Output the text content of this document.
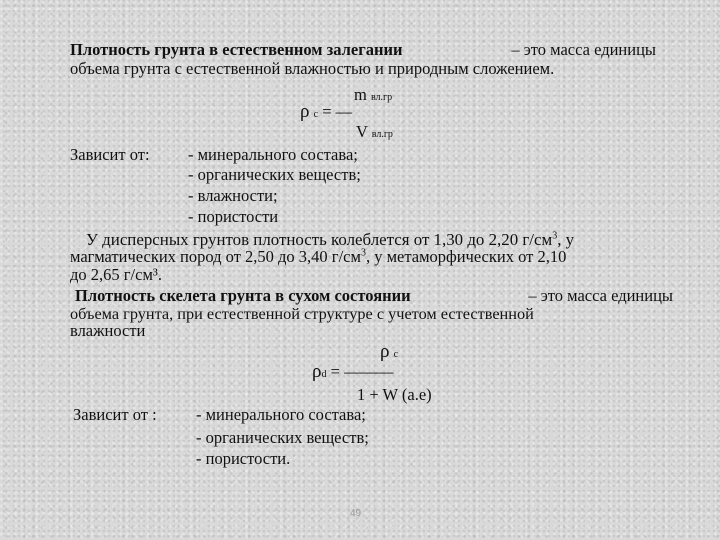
Плотность грунта в естественном залегании	– это масса единицы
объема грунта с естественной влажностью и природным сложением.
m вл.гр
ρ с = —
V вл.гр
Зависит от: - минерального состава;
- органических веществ;
- влажности;
- пористости
У дисперсных грунтов плотность колеблется от 1,30 до 2,20 $г/см^3$, у
магматических пород от 2,50 до 3,40 $г/см^3$, у метаморфических от 2,10
до 2,65 г/см³.
Плотность скелета грунта в сухом состоянии	– это масса единицы
объема грунта, при естественной структуре с учетом естественной
влажности
ρ с
ρd = ———
1 + W (а.е)
Зависит от : - минерального состава;
- органических веществ;
- пористости.
49
